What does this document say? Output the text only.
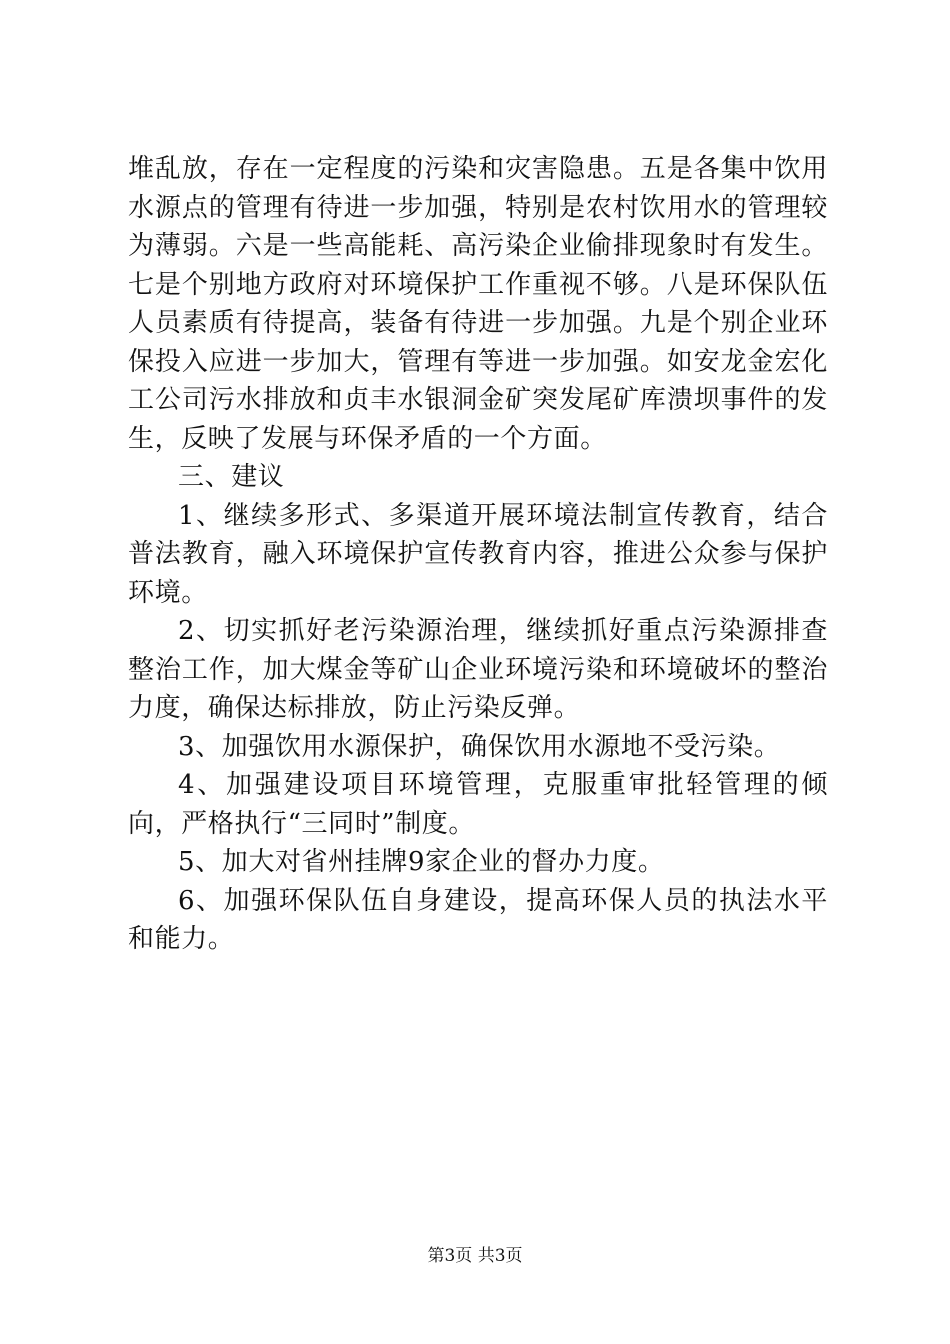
堆乱放，存在一定程度的污染和灾害隐患。五是各集中饮用水源点的管理有待进一步加强，特别是农村饮用水的管理较为薄弱。六是一些高能耗、高污染企业偷排现象时有发生。七是个别地方政府对环境保护工作重视不够。八是环保队伍人员素质有待提高，装备有待进一步加强。九是个别企业环保投入应进一步加大，管理有等进一步加强。如安龙金宏化工公司污水排放和贞丰水银洞金矿突发尾矿库溃坝事件的发生，反映了发展与环保矛盾的一个方面。

三、建议

1、继续多形式、多渠道开展环境法制宣传教育，结合普法教育，融入环境保护宣传教育内容，推进公众参与保护环境。

2、切实抓好老污染源治理，继续抓好重点污染源排查整治工作，加大煤金等矿山企业环境污染和环境破坏的整治力度，确保达标排放，防止污染反弹。

3、加强饮用水源保护，确保饮用水源地不受污染。

4、加强建设项目环境管理，克服重审批轻管理的倾向，严格执行“三同时”制度。

5、加大对省州挂牌9家企业的督办力度。

6、加强环保队伍自身建设，提高环保人员的执法水平和能力。

第3页 共3页
